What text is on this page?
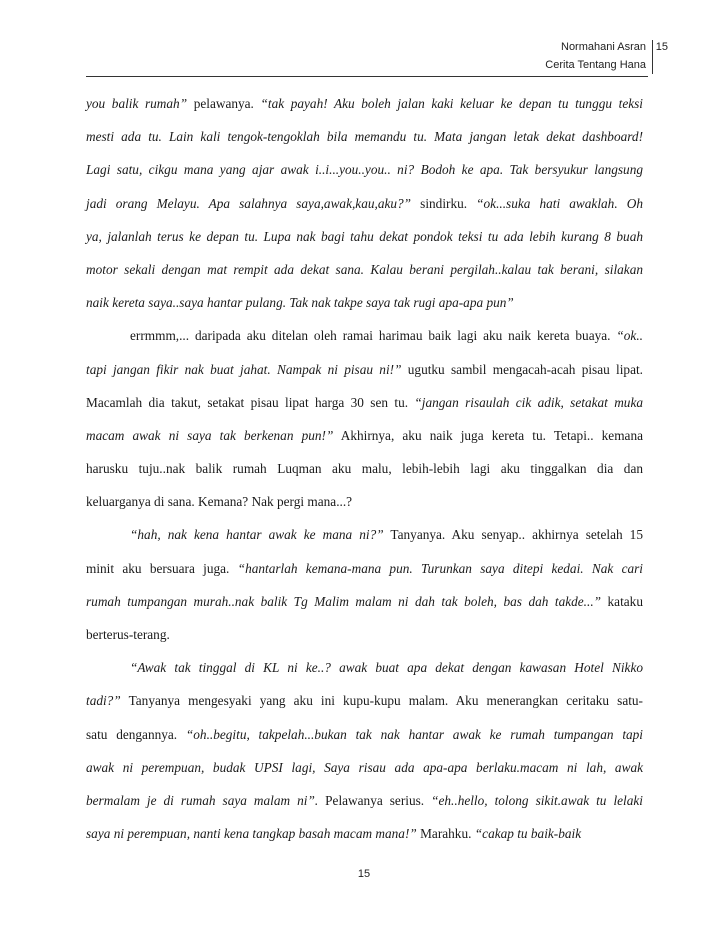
Normahani Asran
Cerita Tentang Hana
15
you balik rumah” pelawanya. “tak payah! Aku boleh jalan kaki keluar ke depan tu tunggu teksi
mesti ada tu. Lain kali tengok-tengoklah bila memandu tu. Mata jangan letak dekat dashboard!
Lagi satu, cikgu mana yang ajar awak i..i...you..you.. ni? Bodoh ke apa. Tak bersyukur langsung
jadi orang Melayu. Apa salahnya saya,awak,kau,aku?” sindirku. “ok...suka hati awaklah. Oh
ya, jalanlah terus ke depan tu. Lupa nak bagi tahu dekat pondok teksi tu ada lebih kurang 8 buah
motor sekali dengan mat rempit ada dekat sana. Kalau berani pergilah..kalau tak berani, silakan
naik kereta saya..saya hantar pulang. Tak nak takpe saya tak rugi apa-apa pun”
errmmm,... daripada aku ditelan oleh ramai harimau baik lagi aku naik kereta buaya. “ok..
tapi jangan fikir nak buat jahat. Nampak ni pisau ni!” ugutku sambil mengacah-acah pisau lipat.
Macamlah dia takut, setakat pisau lipat harga 30 sen tu. “jangan risaulah cik adik, setakat muka
macam awak ni saya tak berkenan pun!” Akhirnya, aku naik juga kereta tu. Tetapi.. kemana
harusku tuju..nak balik rumah Luqman aku malu, lebih-lebih lagi aku tinggalkan dia dan
keluarganya di sana. Kemana? Nak pergi mana...?
“hah, nak kena hantar awak ke mana ni?” Tanyanya. Aku senyap.. akhirnya setelah 15
minit aku bersuara juga. “hantarlah kemana-mana pun. Turunkan saya ditepi kedai. Nak cari
rumah tumpangan murah..nak balik Tg Malim malam ni dah tak boleh, bas dah takde...” kataku
berterus-terang.
“Awak tak tinggal di KL ni ke..? awak buat apa dekat dengan kawasan Hotel Nikko
tadi?” Tanyanya mengesyaki yang aku ini kupu-kupu malam. Aku menerangkan ceritaku satu-
satu dengannya. “oh..begitu, takpelah...bukan tak nak hantar awak ke rumah tumpangan tapi
awak ni perempuan, budak UPSI lagi, Saya risau ada apa-apa berlaku.macam ni lah, awak
bermalam je di rumah saya malam ni”. Pelawanya serius. “eh..hello, tolong sikit.awak tu lelaki
saya ni perempuan, nanti kena tangkap basah macam mana!” Marahku. “cakap tu baik-baik
15
